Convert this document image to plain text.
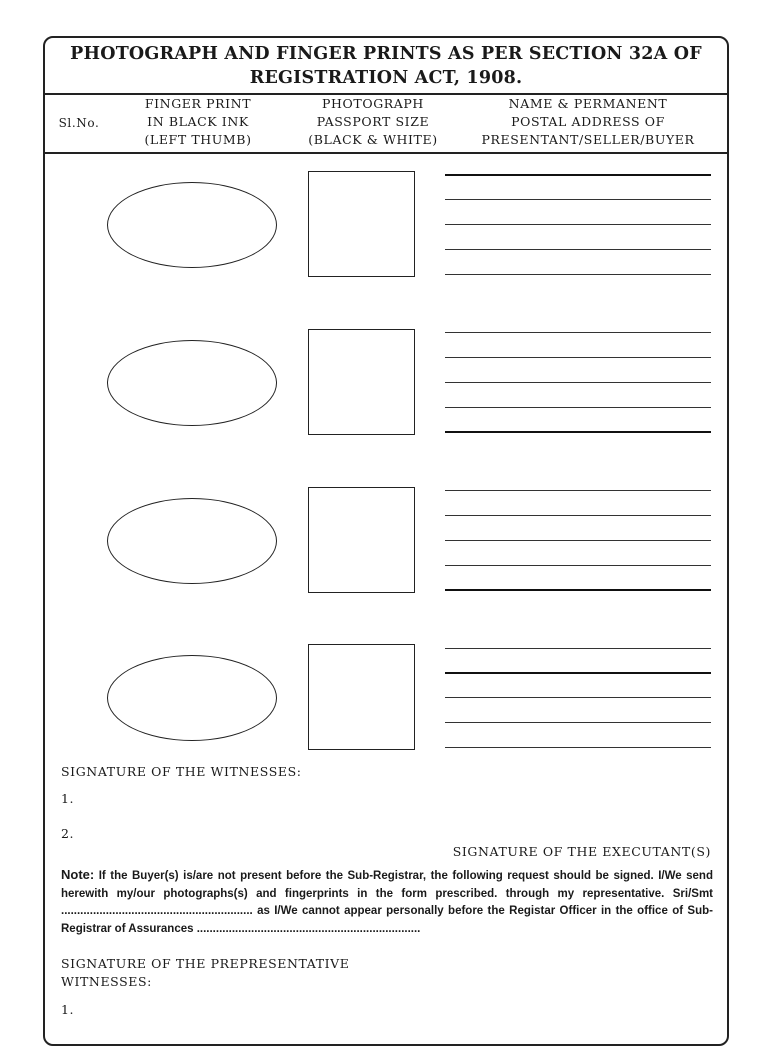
PHOTOGRAPH AND FINGER PRINTS AS PER SECTION 32A OF
REGISTRATION ACT, 1908.
Sl.No.
FINGER PRINT
IN BLACK INK
(LEFT THUMB)
PHOTOGRAPH
PASSPORT SIZE
(BLACK & WHITE)
NAME & PERMANENT
POSTAL ADDRESS OF
PRESENTANT/SELLER/BUYER
SIGNATURE OF THE WITNESSES:
1.
2.
SIGNATURE OF THE EXECUTANT(S)
Note: If the Buyer(s) is/are not present before the Sub-Registrar, the following request should be signed. I/We send herewith my/our photographs(s) and fingerprints in the form prescribed. through my representative. Sri/Smt ............................................................ as I/We cannot appear personally before the Registar Officer in the office of Sub-Registrar of Assurances ......................................................................
SIGNATURE OF THE PREPRESENTATIVE
WITNESSES:
1.
